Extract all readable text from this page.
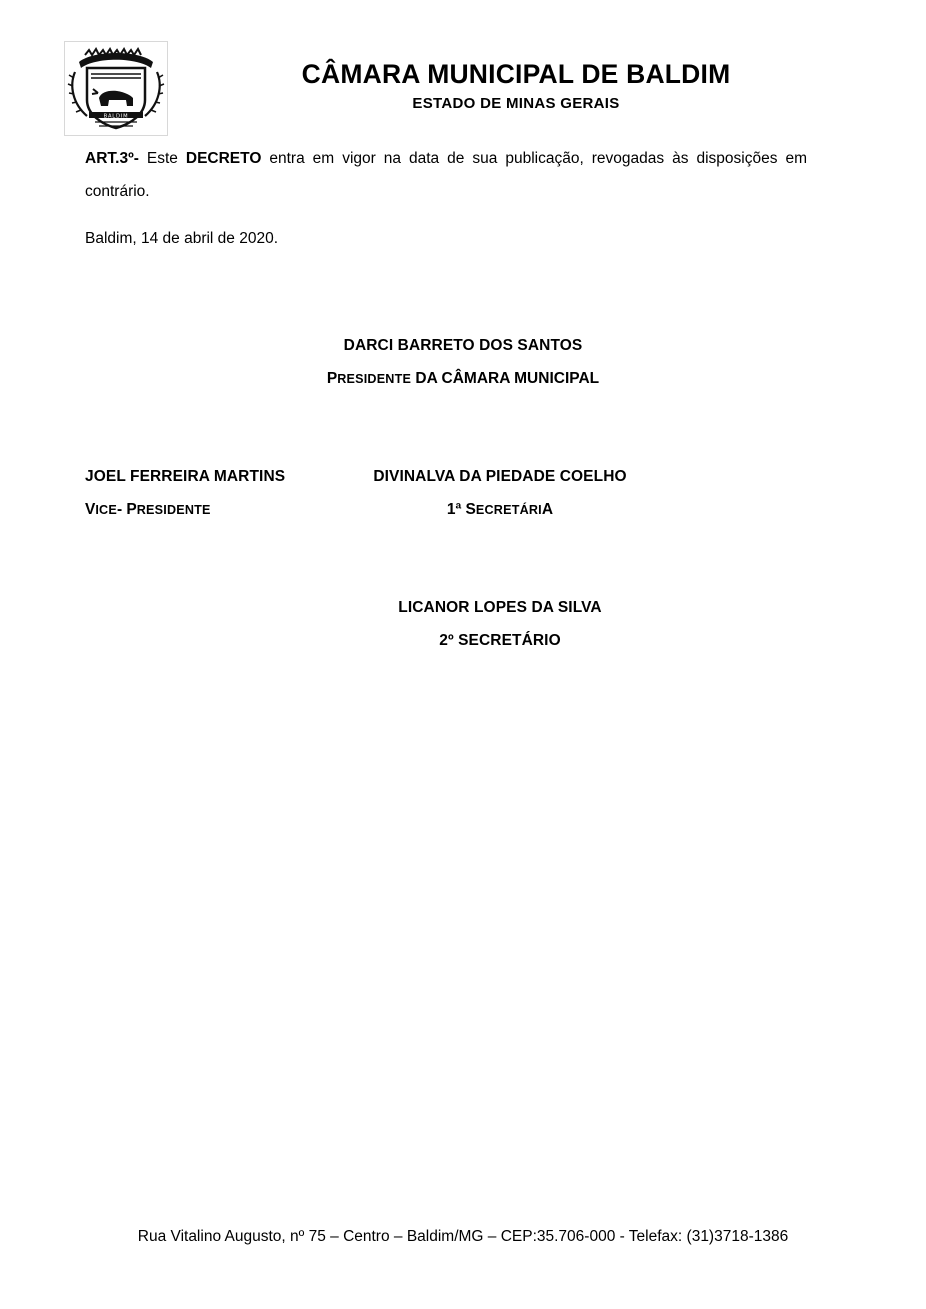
BALDIM
CÂMARA MUNICIPAL DE BALDIM
ESTADO DE MINAS GERAIS

ART.3º- Este DECRETO entra em vigor na data de sua publicação, revogadas às disposições em contrário.

Baldim, 14 de abril de 2020.
DARCI BARRETO DOS SANTOS
PRESIDENTE DA CÂMARA MUNICIPAL
JOEL FERREIRA MARTINS
VICE- PRESIDENTE
DIVINALVA DA PIEDADE COELHO
1ª SECRETÁRIA
LICANOR LOPES DA SILVA
2º SECRETÁRIO
Rua Vitalino Augusto, nº 75 – Centro – Baldim/MG – CEP:35.706-000 - Telefax: (31)3718-1386
